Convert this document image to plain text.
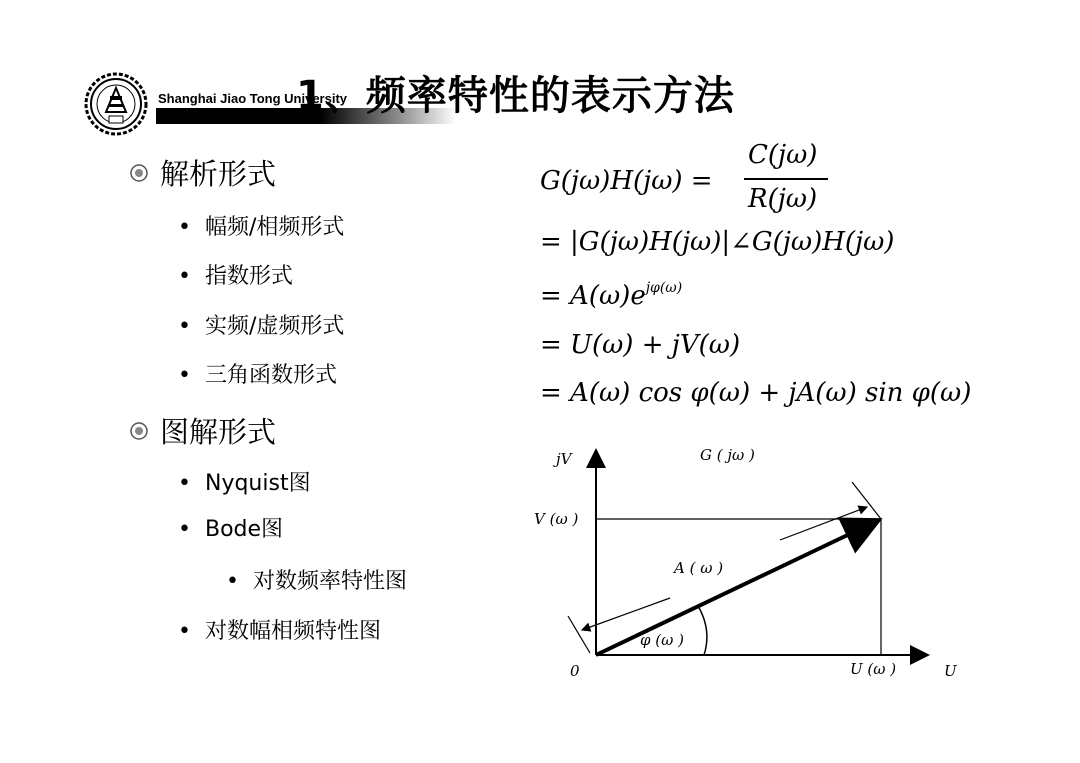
Shanghai Jiao Tong University
1、频率特性的表示方法
解析形式
• 幅频/相频形式
• 指数形式
• 实频/虚频形式
• 三角函数形式
图解形式
• Nyquist图
• Bode图
• 对数频率特性图
• 对数幅相频特性图
G(jω)H(jω) =
C(jω)
R(jω)
= |G(jω)H(jω)|∠G(jω)H(jω)
= $A(\omega)e^{j\varphi(\omega)}$
= U(ω) + jV(ω)
= A(ω) cos φ(ω) + jA(ω) sin φ(ω)
jV	G ( jω )
V (ω )
A ( ω )
φ (ω )
0	U (ω )	U
